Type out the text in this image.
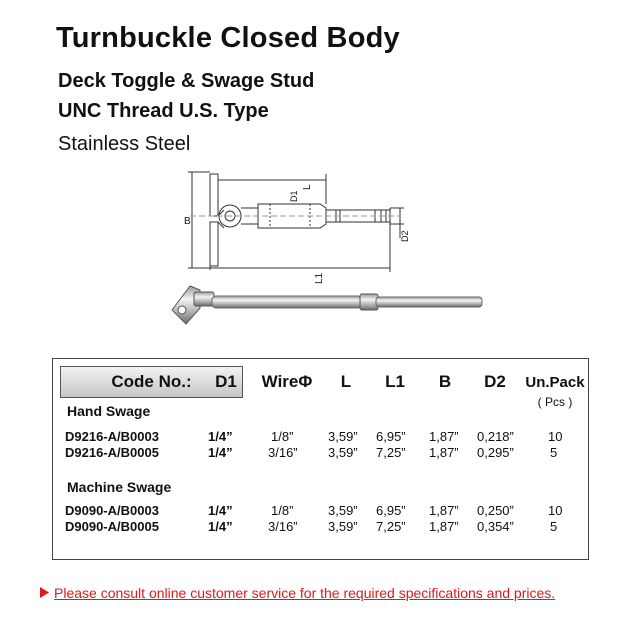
Turnbuckle Closed Body
Deck Toggle & Swage Stud
UNC Thread U.S. Type
Stainless Steel
B
D1
L
D2
L1
Code No.:	D1 WireΦ	L	L1	B	D2	Un.Pack
( Pcs )
Hand Swage
D9216-A/B0003	1/4”	1/8”	3,59” 6,95” 1,87” 0,218”	10
D9216-A/B0005	1/4”	3/16” 3,59” 7,25” 1,87” 0,295”	5
Machine Swage
D9090-A/B0003	1/4”	1/8”	3,59” 6,95” 1,87” 0,250”	10
D9090-A/B0005	1/4”	3/16” 3,59” 7,25” 1,87” 0,354”	5
Please consult online customer service for the required specifications and prices.
